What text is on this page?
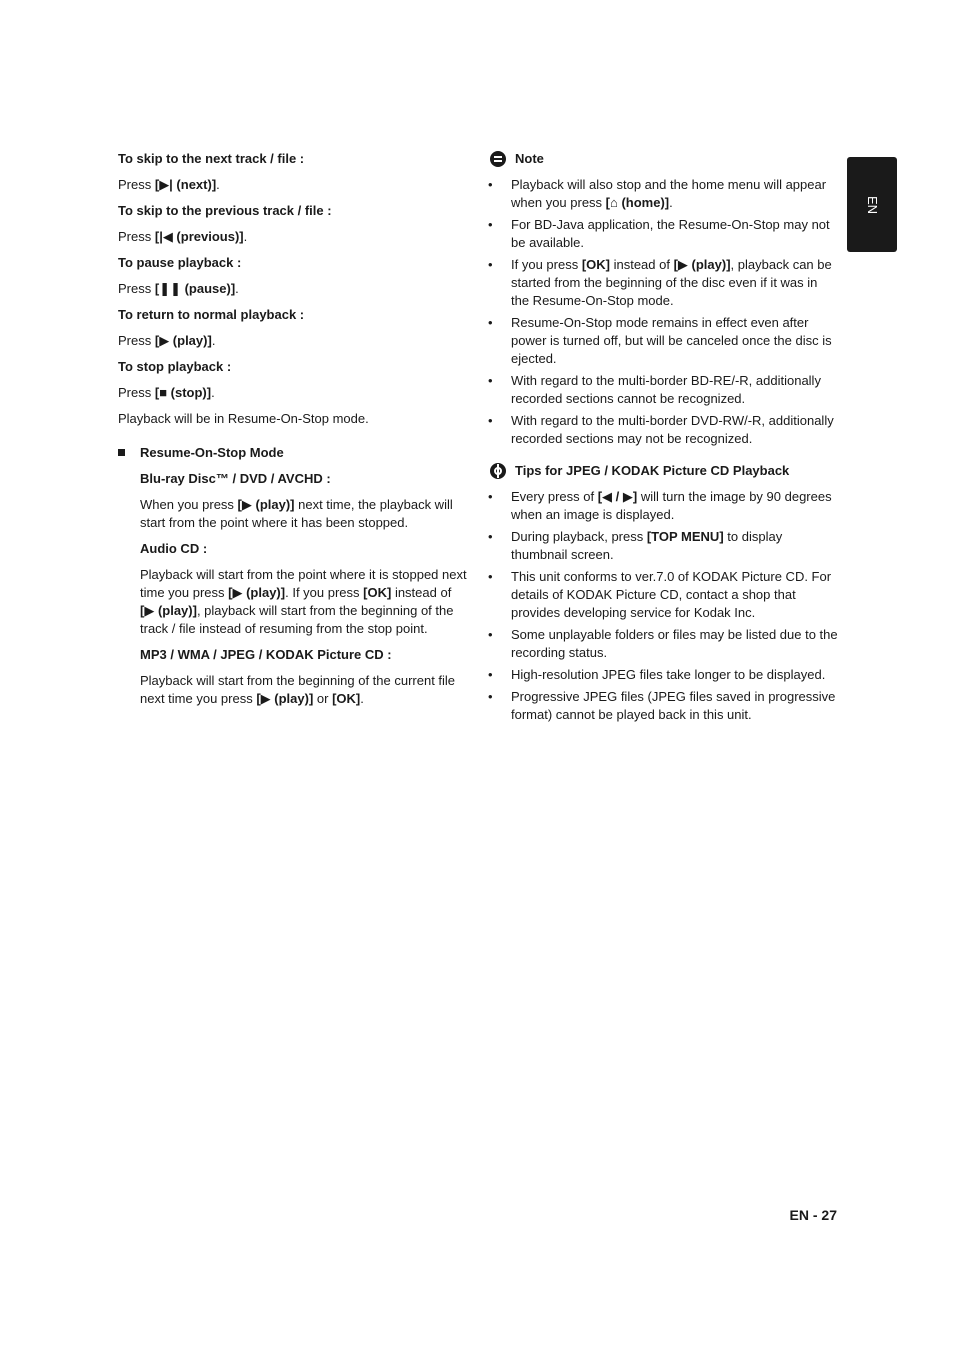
To skip to the next track / file :

Press [▶| (next)].

To skip to the previous track / file :

Press [|◀ (previous)].

To pause playback :

Press [❚❚ (pause)].

To return to normal playback :

Press [▶ (play)].

To stop playback :

Press [■ (stop)].

Playback will be in Resume-On-Stop mode.

Resume-On-Stop Mode

Blu-ray Disc™ / DVD / AVCHD :

When you press [▶ (play)] next time, the playback will start from the point where it has been stopped.

Audio CD :

Playback will start from the point where it is stopped next time you press [▶ (play)]. If you press [OK] instead of [▶ (play)], playback will start from the beginning of the track / file instead of resuming from the stop point.

MP3 / WMA / JPEG / KODAK Picture CD :

Playback will start from the beginning of the current file next time you press [▶ (play)] or [OK].

Note
• Playback will also stop and the home menu will appear when you press [⌂ (home)].
• For BD-Java application, the Resume-On-Stop may not be available.
• If you press [OK] instead of [▶ (play)], playback can be started from the beginning of the disc even if it was in the Resume-On-Stop mode.
• Resume-On-Stop mode remains in effect even after power is turned off, but will be canceled once the disc is ejected.
• With regard to the multi-border BD-RE/-R, additionally recorded sections cannot be recognized.
• With regard to the multi-border DVD-RW/-R, additionally recorded sections may not be recognized.
Tips for JPEG / KODAK Picture CD Playback
• Every press of [◀ / ▶] will turn the image by 90 degrees when an image is displayed.
• During playback, press [TOP MENU] to display thumbnail screen.
• This unit conforms to ver.7.0 of KODAK Picture CD. For details of KODAK Picture CD, contact a shop that provides developing service for Kodak Inc.
• Some unplayable folders or files may be listed due to the recording status.
• High-resolution JPEG files take longer to be displayed.
• Progressive JPEG files (JPEG files saved in progressive format) cannot be played back in this unit.
EN
EN - 27
